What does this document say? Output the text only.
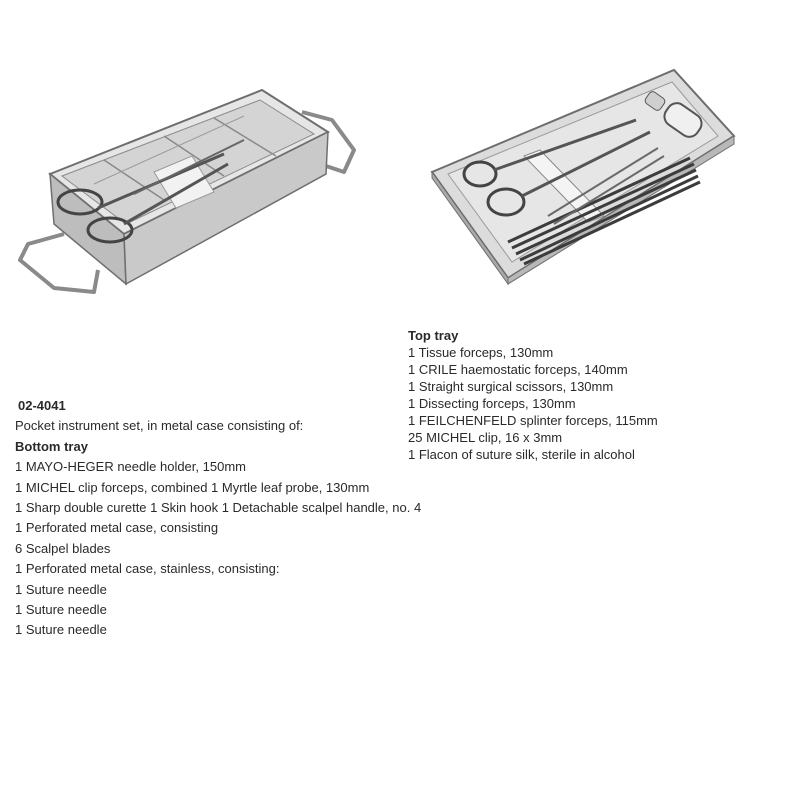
02-4041
Pocket instrument set, in metal case consisting of:
Bottom tray
1 MAYO-HEGER needle holder, 150mm
1 MICHEL clip forceps, combined 1 Myrtle leaf probe, 130mm
1 Sharp double curette 1 Skin hook 1 Detachable scalpel handle, no. 4
1 Perforated metal case, consisting
6 Scalpel blades
1 Perforated metal case, stainless, consisting:
1 Suture needle
1 Suture needle
1 Suture needle
Top tray
1 Tissue forceps, 130mm
1 CRILE haemostatic forceps, 140mm
1 Straight surgical scissors, 130mm
1 Dissecting forceps, 130mm
1 FEILCHENFELD splinter forceps, 115mm
25 MICHEL clip, 16 x 3mm
1 Flacon of suture silk, sterile in alcohol
